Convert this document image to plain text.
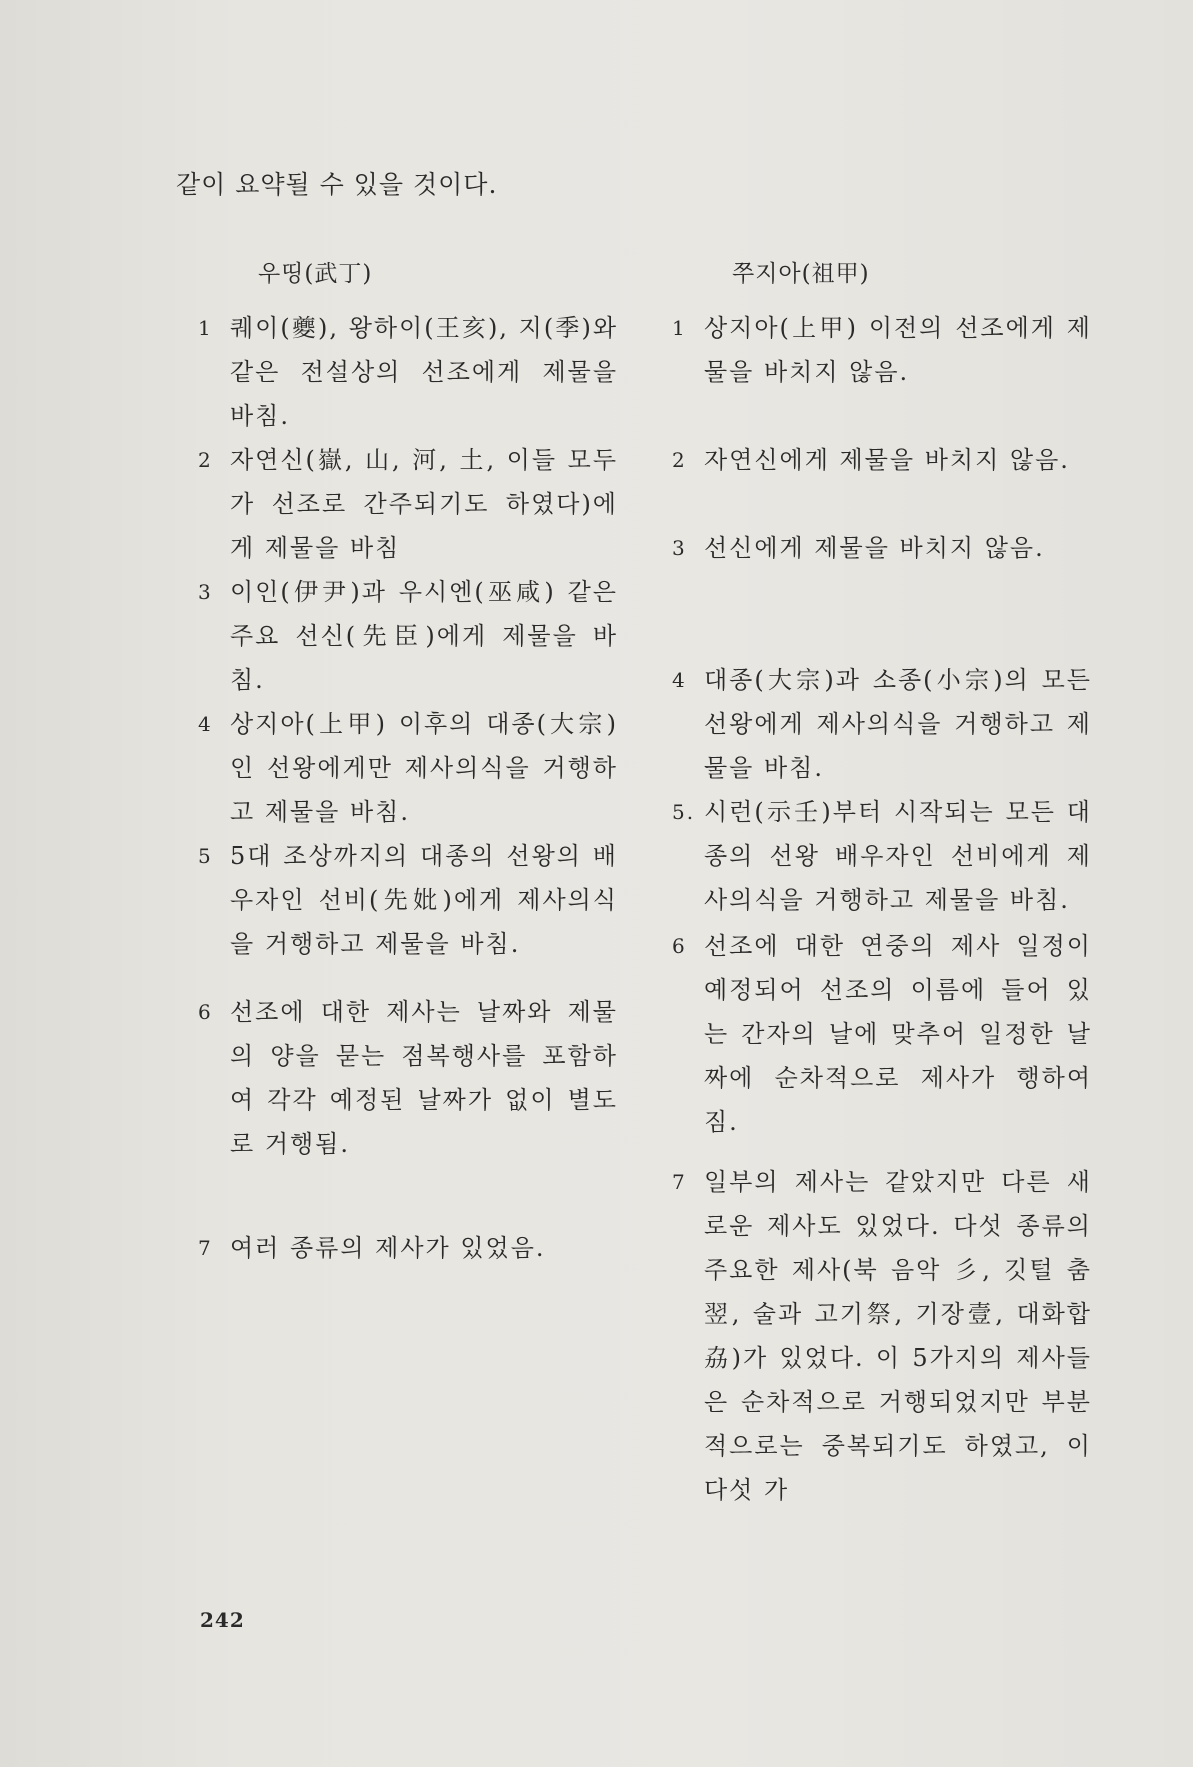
같이 요약될 수 있을 것이다.
우띵(武丁)
1 퀘이(夔), 왕하이(王亥), 지(季)와 같은 전설상의 선조에게 제물을 바침.
2 자연신(嶽, 山, 河, 土, 이들 모두가 선조로 간주되기도 하였다)에게 제물을 바침
3 이인(伊尹)과 우시엔(巫咸) 같은 주요 선신(先臣)에게 제물을 바침.
4 상지아(上甲) 이후의 대종(大宗)인 선왕에게만 제사의식을 거행하고 제물을 바침.
5 5대 조상까지의 대종의 선왕의 배우자인 선비(先妣)에게 제사의식을 거행하고 제물을 바침.
6 선조에 대한 제사는 날짜와 제물의 양을 묻는 점복행사를 포함하여 각각 예정된 날짜가 없이 별도로 거행됨.
7 여러 종류의 제사가 있었음.
쭈지아(祖甲)
1 상지아(上甲) 이전의 선조에게 제물을 바치지 않음.
2 자연신에게 제물을 바치지 않음.
3 선신에게 제물을 바치지 않음.
4 대종(大宗)과 소종(小宗)의 모든 선왕에게 제사의식을 거행하고 제물을 바침.
5. 시런(示壬)부터 시작되는 모든 대종의 선왕 배우자인 선비에게 제사의식을 거행하고 제물을 바침.
6 선조에 대한 연중의 제사 일정이 예정되어 선조의 이름에 들어 있는 간자의 날에 맞추어 일정한 날짜에 순차적으로 제사가 행하여짐.
7 일부의 제사는 같았지만 다른 새로운 제사도 있었다. 다섯 종류의 주요한 제사(북 음악 彡, 깃털 춤翌, 술과 고기祭, 기장壹, 대화합劦)가 있었다. 이 5가지의 제사들은 순차적으로 거행되었지만 부분적으로는 중복되기도 하였고, 이 다섯 가
242
